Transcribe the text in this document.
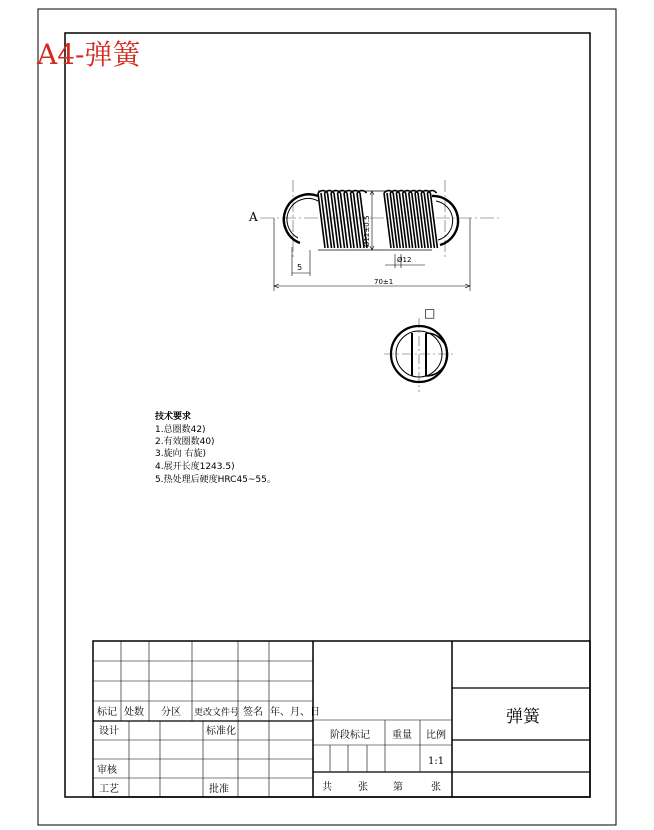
A4-弹簧
A	Ø12±0.5
Ø12
5
70±1
□
技术要求
1.总圈数42)
2.有效圈数40)
3.旋向 右旋)
4.展开长度1243.5)
5.热处理后硬度HRC45~55。
标记 处数 分区 更改文件号 签名 年、月、日
设计	标准化
审核
工艺	批准
阶段标记 重量 比例
1:1
共	张	第	张
弹簧
